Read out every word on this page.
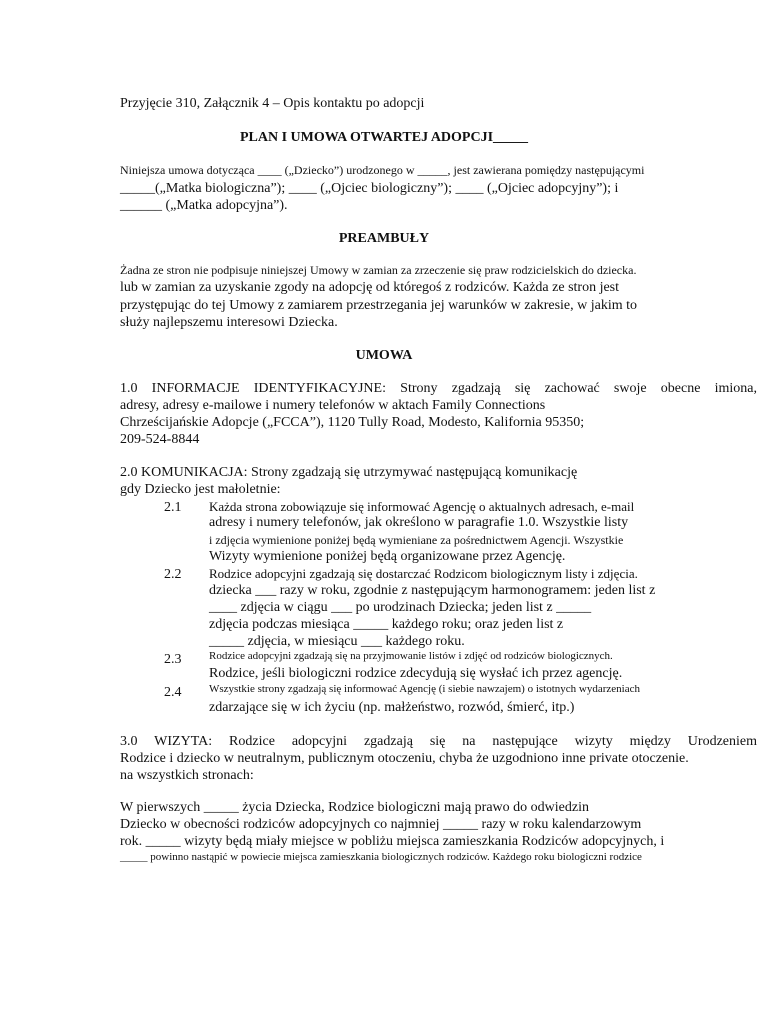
Przyjęcie 310, Załącznik 4 – Opis kontaktu po adopcji
PLAN I UMOWA OTWARTEJ ADOPCJI_____
Niniejsza umowa dotycząca ____ („Dziecko”) urodzonego w _____, jest zawierana pomiędzy następującymi
_____(„Matka biologiczna”); ____ („Ojciec biologiczny”); ____ („Ojciec adopcyjny”); i
______ („Matka adopcyjna”).
PREAMBUŁY
Żadna ze stron nie podpisuje niniejszej Umowy w zamian za zrzeczenie się praw rodzicielskich do dziecka.
lub w zamian za uzyskanie zgody na adopcję od któregoś z rodziców. Każda ze stron jest
przystępując do tej Umowy z zamiarem przestrzegania jej warunków w zakresie, w jakim to
służy najlepszemu interesowi Dziecka.
UMOWA
1.0 INFORMACJE IDENTYFIKACYJNE: Strony zgadzają się zachować swoje obecne imiona,
adresy, adresy e-mailowe i numery telefonów w aktach Family Connections
Chrześcijańskie Adopcje („FCCA”), 1120 Tully Road, Modesto, Kalifornia 95350;
209-524-8844
2.0 KOMUNIKACJA: Strony zgadzają się utrzymywać następującą komunikację
gdy Dziecko jest małoletnie:
2.1 Każda strona zobowiązuje się informować Agencję o aktualnych adresach, e-mail
adresy i numery telefonów, jak określono w paragrafie 1.0. Wszystkie listy
i zdjęcia wymienione poniżej będą wymieniane za pośrednictwem Agencji. Wszystkie
Wizyty wymienione poniżej będą organizowane przez Agencję.
2.2 Rodzice adopcyjni zgadzają się dostarczać Rodzicom biologicznym listy i zdjęcia.
dziecka ___ razy w roku, zgodnie z następującym harmonogramem: jeden list z
____ zdjęcia w ciągu ___ po urodzinach Dziecka; jeden list z _____
zdjęcia podczas miesiąca _____ każdego roku; oraz jeden list z
_____ zdjęcia, w miesiącu ___ każdego roku.
2.3	Rodzice adopcyjni zgadzają się na przyjmowanie listów i zdjęć od rodziców biologicznych.
Rodzice, jeśli biologiczni rodzice zdecydują się wysłać ich przez agencję.
2.4	Wszystkie strony zgadzają się informować Agencję (i siebie nawzajem) o istotnych wydarzeniach
zdarzające się w ich życiu (np. małżeństwo, rozwód, śmierć, itp.)
3.0 WIZYTA: Rodzice adopcyjni zgadzają się na następujące wizyty między Urodzeniem
Rodzice i dziecko w neutralnym, publicznym otoczeniu, chyba że uzgodniono inne private otoczenie.
na wszystkich stronach:
W pierwszych _____ życia Dziecka, Rodzice biologiczni mają prawo do odwiedzin
Dziecko w obecności rodziców adopcyjnych co najmniej _____ razy w roku kalendarzowym
rok. _____ wizyty będą miały miejsce w pobliżu miejsca zamieszkania Rodziców adopcyjnych, i
_____ powinno nastąpić w powiecie miejsca zamieszkania biologicznych rodziców. Każdego roku biologiczni rodzice
